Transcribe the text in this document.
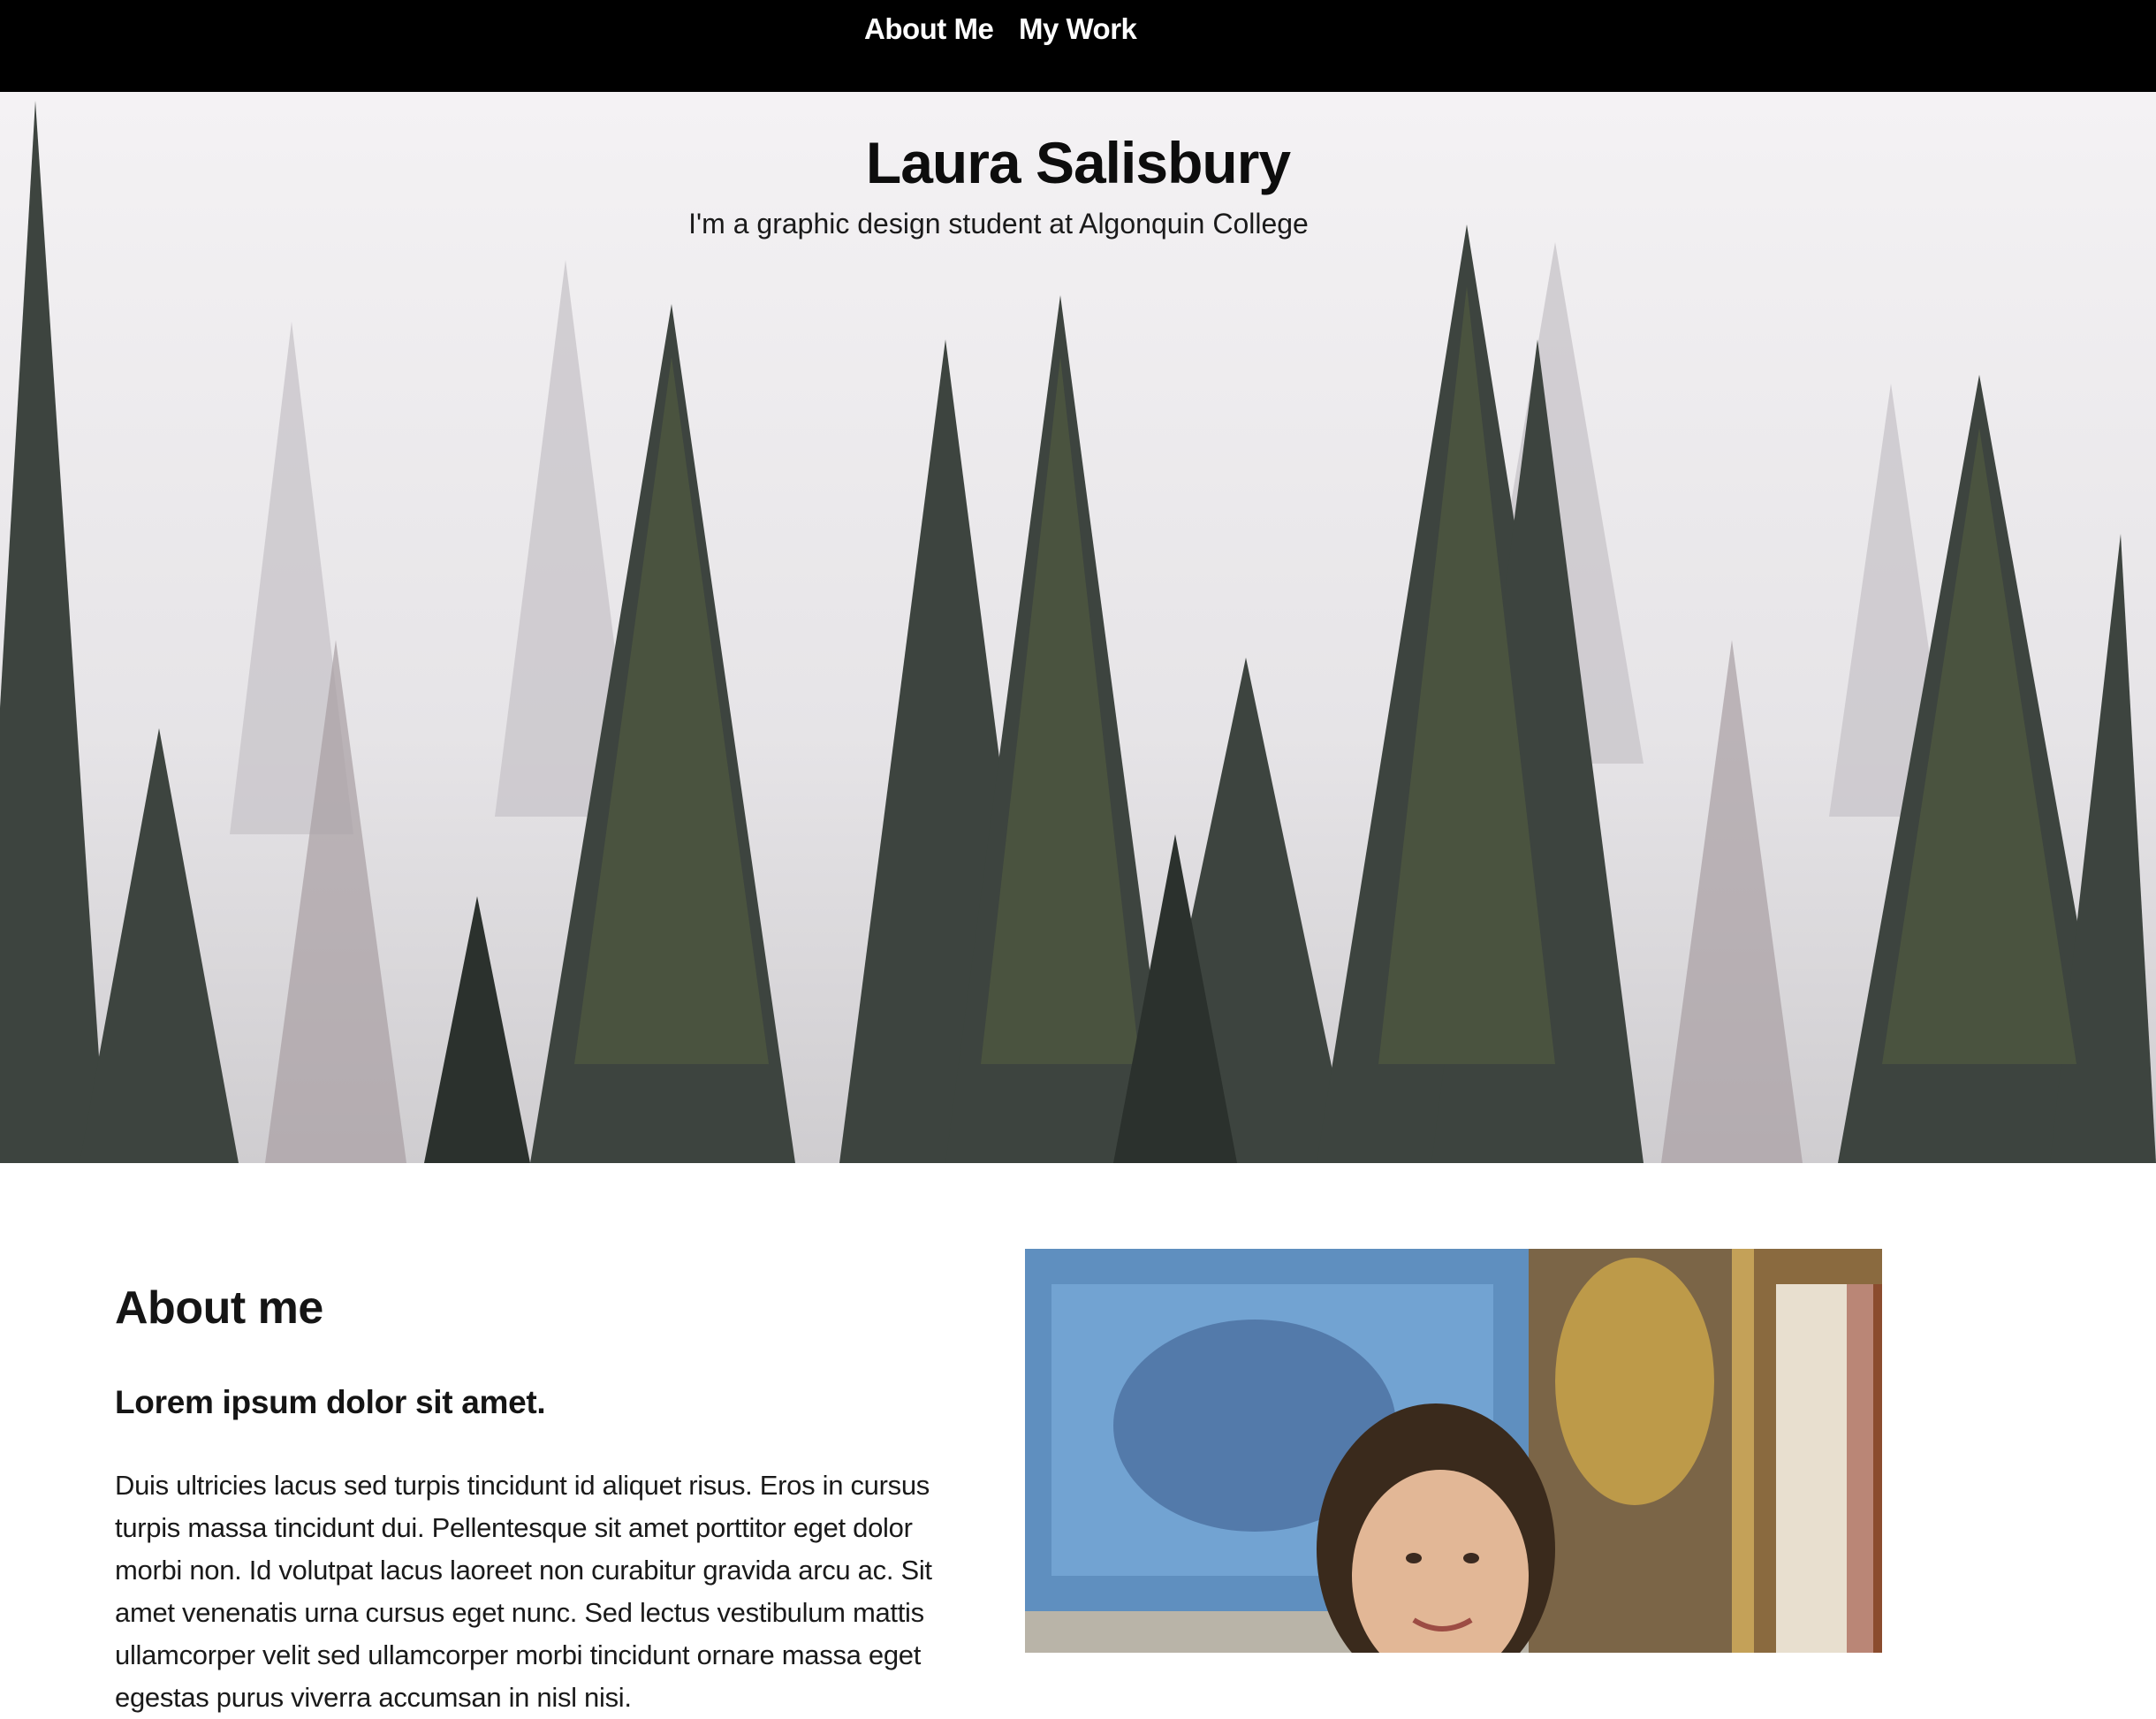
About Me My Work
Laura Salisbury

I'm a graphic design student at Algonquin College

About me
Lorem ipsum dolor sit amet.

Duis ultricies lacus sed turpis tincidunt id aliquet risus. Eros in cursus turpis massa tincidunt dui. Pellentesque sit amet porttitor eget dolor morbi non. Id volutpat lacus laoreet non curabitur gravida arcu ac. Sit amet venenatis urna cursus eget nunc. Sed lectus vestibulum mattis ullamcorper velit sed ullamcorper morbi tincidunt ornare massa eget egestas purus viverra accumsan in nisl nisi.
